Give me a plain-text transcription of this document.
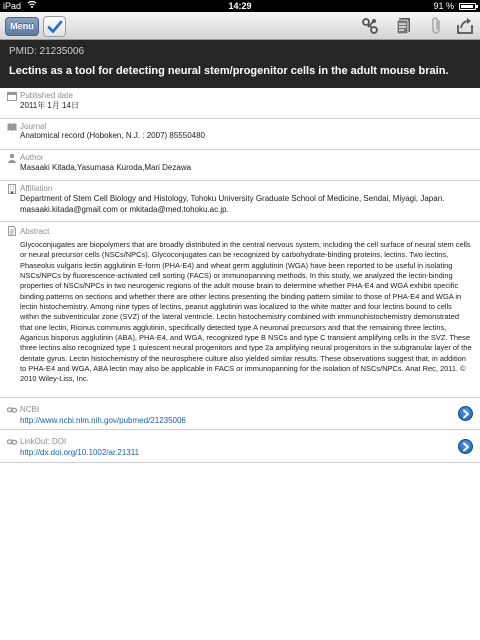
iPad	14:29	91 %
Menu
PMID: 21235006
Lectins as a tool for detecting neural stem/progenitor cells in the adult mouse brain.
Published date
2011年 1月 14日
Journal
Anatomical record (Hoboken, N.J. : 2007) 85550480
Author
Masaaki Kitada,Yasumasa Kuroda,Mari Dezawa
Affiliation
Department of Stem Cell Biology and Histology, Tohoku University Graduate School of Medicine, Sendai, Miyagi, Japan.
masaaki.kitada@gmail.com or mkitada@med.tohoku.ac.jp.
Abstract
Glycoconjugates are biopolymers that are broadly distributed in the central nervous system, including the cell surface of neural stem cells or neural precursor cells (NSCs/NPCs). Glycoconjugates can be recognized by carbohydrate-binding proteins, lectins. Two lectins, Phaseolus vulgaris lectin agglutinin E-form (PHA-E4) and wheat germ agglutinin (WGA) have been reported to be useful in isolating NSCs/NPCs by fluorescence-activated cell sorting (FACS) or immunopanning methods. In this study, we analyzed the lectin-binding properties of NSCs/NPCs in two neurogenic regions of the adult mouse brain to determine whether PHA-E4 and WGA exhibit specific binding patterns on sections and whether there are other lectins presenting the binding pattern similar to those of PHA-E4 and WGA in lectin histochemistry. Among nine types of lectins, peanut agglutinin was localized to the white matter and four lectins bound to cells within the subventricular zone (SVZ) of the lateral ventricle. Lectin histochemistry combined with immunohistochemistry demonstrated that one lectin, Ricinus communis agglutinin, specifically detected type A neuronal precursors and that the remaining three lectins, Agaricus bisporus agglutinin (ABA), PHA-E4, and WGA, recognized type B NSCs and type C transient amplifying cells in the SVZ. These three lectins also recognized type 1 quiescent neural progenitors and type 2a amplifying neural progenitors in the subgranular layer of the dentate gyrus. Lectin histochemistry of the neurosphere culture also yielded similar results. These observations suggest that, in addition to PHA-E4 and WGA, ABA lectin may also be applicable in FACS or immunopanning for the isolation of NSCs/NPCs. Anat Rec, 2011. © 2010 Wiley-Liss, Inc.
NCBI
http://www.ncbi.nlm.nih.gov/pubmed/21235006
LinkOut: DOI
http://dx.doi.org/10.1002/ar.21311
